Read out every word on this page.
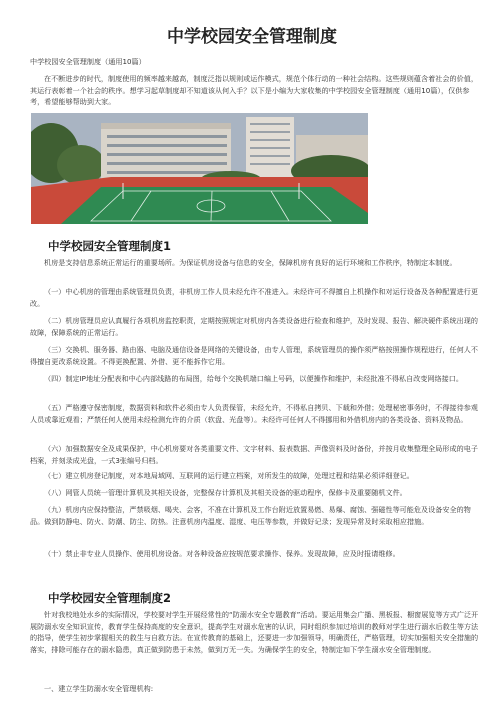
中学校园安全管理制度

中学校园安全管理制度（通用10篇）

在不断进步的时代，制度使用的频率越来越高，制度泛指以规则或运作模式，规范个体行动的一种社会结构。这些规则蕴含着社会的价值，其运行表彰着一个社会的秩序。想学习起草制度却不知道该从何入手？以下是小编为大家收集的中学校园安全管理制度（通用10篇），仅供参考，希望能够帮助到大家。

中学校园安全管理制度1

机房是支持信息系统正常运行的重要场所。为保证机房设备与信息的安全，保障机房有良好的运行环境和工作秩序，特制定本制度。

（一）中心机房的管理由系统管理员负责，非机房工作人员未经允许不准进入。未经许可不得擅自上机操作和对运行设备及各种配置进行更改。

（二）机房管理员应认真履行各项机房监控职责，定期按照规定对机房内各类设备进行检查和维护，及时发现、报告、解决硬件系统出现的故障，保障系统的正常运行。

（三）交换机、服务器、路由器、电脑及通信设备是网络的关键设备，由专人管理，系统管理员的操作须严格按照操作规程进行，任何人不得擅自更改系统设置。不得更换配置、外借、更不能拆作它用。

（四）制定IP地址分配表和中心内部线路的布局图，给每个交换机端口编上号码，以便操作和维护，未经批准不得私自改变网络接口。

（五）严格遵守保密制度，数据资料和软件必须由专人负责保管，未经允许，不得私自拷贝、下载和外借；处理秘密事务时，不得接待参观人员或靠近观看；严禁任何人使用未经检测允许的介质（软盘、光盘等）。未经许可任何人不得挪用和外借机房内的各类设备、资料及物品。

（六）加强数据安全及成果保护，中心机房要对各类重要文件、文字材料、报表数据、声像资料及时备份，并按月收集整理全局形成的电子档案，并刻录成光盘，一式3张编号归档。

（七）建立机房登记制度，对本地局域网、互联网的运行建立档案，对所发生的故障，处理过程和结果必须详细登记。

（八）网管人员统一管理计算机及其相关设备，完整保存计算机及其相关设备的驱动程序，保修卡及重要随机文件。

中学校园安全管理制度2

（九）机房内应保持整洁，严禁吸烟、喝夹、会客，不准在计算机及工作台附近放置易燃、易爆、腐蚀、强磁性等可能危及设备安全的物品。做到防静电、防火、防潮、防尘、防热。注意机房内温度、湿度、电压等参数，并做好记录；发现异常及时采取相应措施。

（十）禁止非专业人员操作、使用机房设备。对各种设备应按规范要求操作、保养。发现故障，应及时报请维修。

针对我校地处水乡的实际情况，学校要对学生开展经常性的“防溺水安全专题教育”活动。要运用集会广播、黑板报、橱窗展览等方式广泛开展防溺水安全知识宣传，教育学生保持高度的安全意识，提高学生对溺水危害的认识，同时组织参加过培训的教师对学生进行溺水后救生等方法的指导，使学生初步掌握相关的救生与自救方法。在宣传教育的基础上，还要进一步加强领导，明确责任，严格管理，切实加强相关安全措施的落实，排除可能存在的溺水隐患，真正做到防患于未然，做到万无一失。为确保学生的安全，特制定如下学生溺水安全管理制度。

一、建立学生防溺水安全管理机构:
